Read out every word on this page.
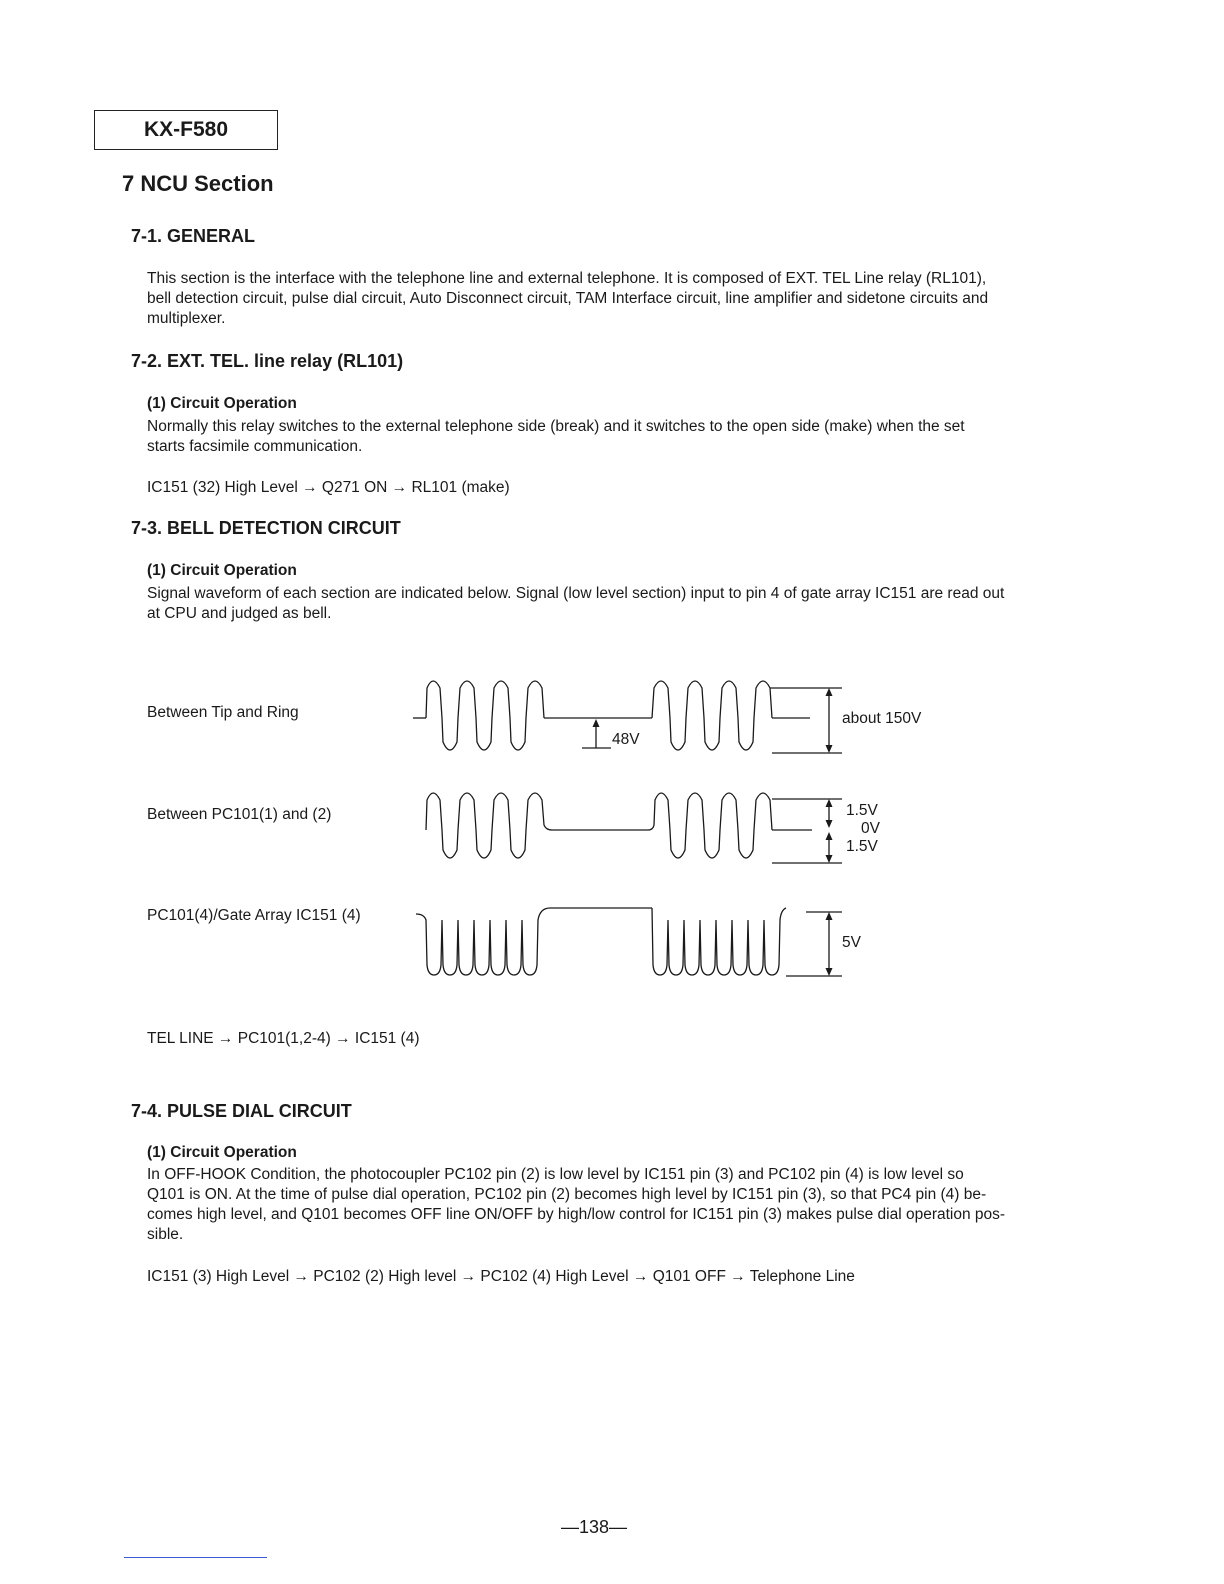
KX-F580
7 NCU Section
7-1. GENERAL
This section is the interface with the telephone line and external telephone. It is composed of EXT. TEL Line relay (RL101),
bell detection circuit, pulse dial circuit, Auto Disconnect circuit, TAM Interface circuit, line amplifier and sidetone circuits and
multiplexer.
7-2. EXT. TEL. line relay (RL101)
(1) Circuit Operation
Normally this relay switches to the external telephone side (break) and it switches to the open side (make) when the set
starts facsimile communication.
IC151 (32) High Level → Q271 ON → RL101 (make)
7-3. BELL DETECTION CIRCUIT
(1) Circuit Operation
Signal waveform of each section are indicated below. Signal (low level section) input to pin 4 of gate array IC151 are read out
at CPU and judged as bell.
Between Tip and Ring
Between PC101(1) and (2)
PC101(4)/Gate Array IC151 (4)
48V
about 150V
1.5V
0V
1.5V
5V
TEL LINE → PC101(1,2-4) → IC151 (4)
7-4. PULSE DIAL CIRCUIT
(1) Circuit Operation
In OFF-HOOK Condition, the photocoupler PC102 pin (2) is low level by IC151 pin (3) and PC102 pin (4) is low level so
Q101 is ON. At the time of pulse dial operation, PC102 pin (2) becomes high level by IC151 pin (3), so that PC4 pin (4) be-
comes high level, and Q101 becomes OFF line ON/OFF by high/low control for IC151 pin (3) makes pulse dial operation pos-
sible.
IC151 (3) High Level → PC102 (2) High level → PC102 (4) High Level → Q101 OFF → Telephone Line
—138—
